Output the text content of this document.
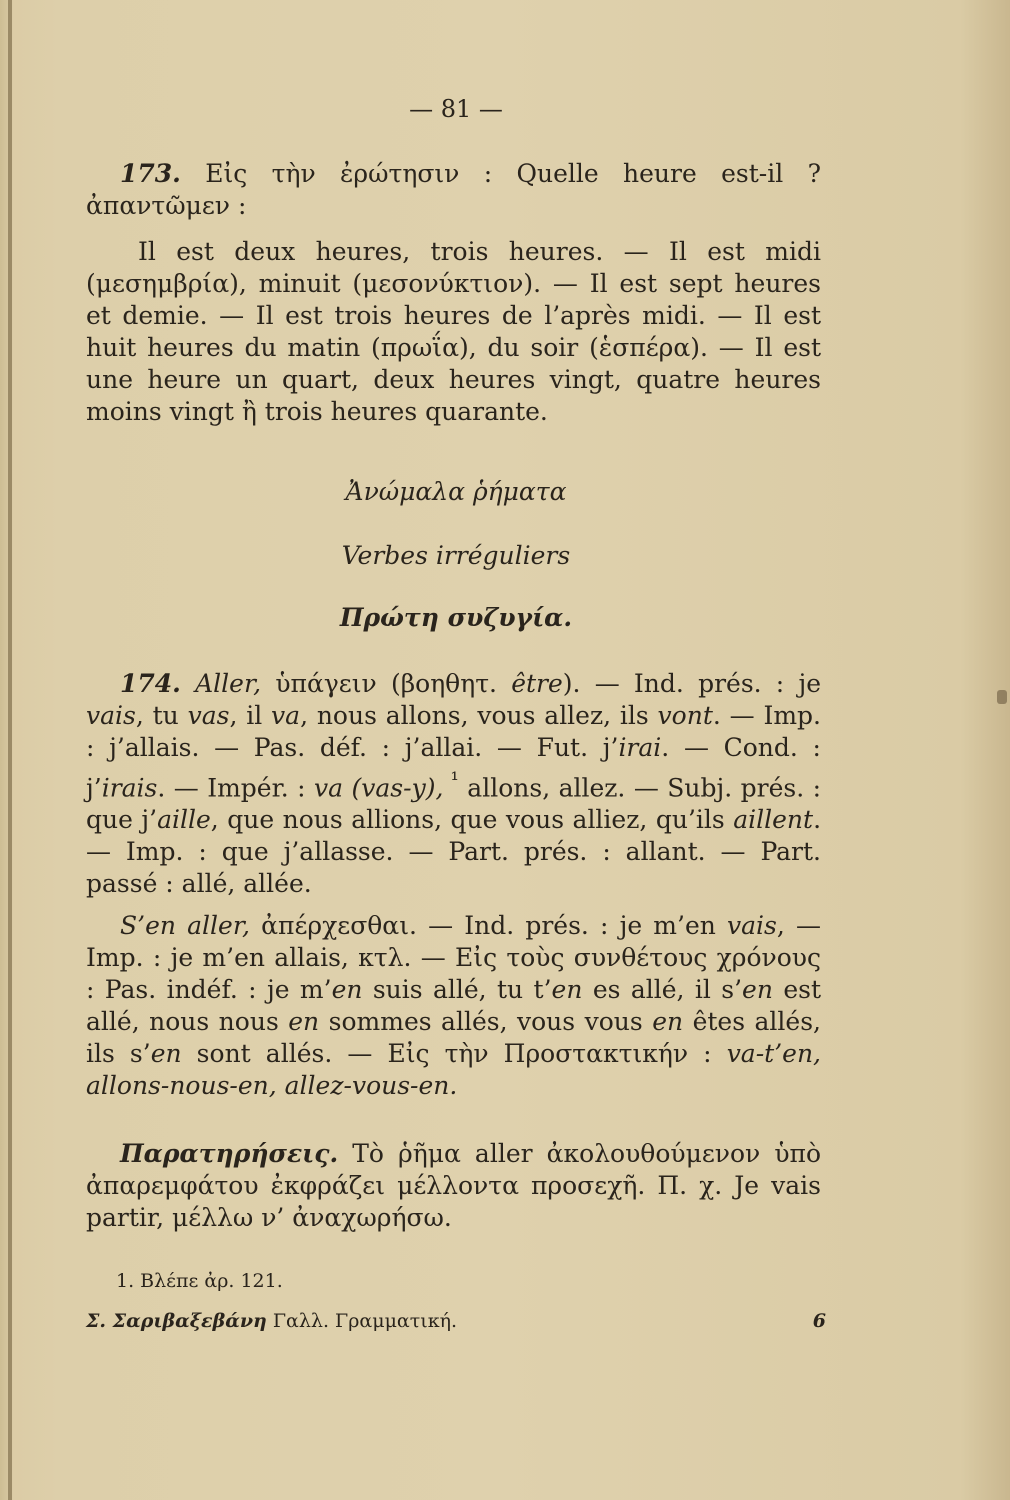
— 81 —
173. Εἰς τὴν ἐρώτησιν : Quelle heure est-il ? ἀπαντῶμεν :
Il est deux heures, trois heures. — Il est midi (μεσημβρία), minuit (μεσονύκτιον). — Il est sept heures et demie. — Il est trois heures de l’après midi. — Il est huit heures du matin (πρωΐα), du soir (ἑσπέρα). — Il est une heure un quart, deux heures vingt, quatre heures moins vingt ἢ trois heures quarante.
Ἀνώμαλα ῥήματα
Verbes irréguliers
Πρώτη συζυγία.
174. Aller, ὑπάγειν (βοηθητ. être). — Ind. prés. : je vais, tu vas, il va, nous allons, vous allez, ils vont. — Imp. : j’allais. — Pas. déf. : j’allai. — Fut. j’irai. — Cond. : j’irais. — Impér. : va (vas-y), $^{^1}$ allons, allez. — Subj. prés. : que j’aille, que nous allions, que vous alliez, qu’ils aillent. — Imp. : que j’allasse. — Part. prés. : allant. — Part. passé : allé, allée.
S’en aller, ἀπέρχεσθαι. — Ind. prés. : je m’en vais, — Imp. : je m’en allais, κτλ. — Εἰς τοὺς συνθέτους χρόνους : Pas. indéf. : je m’en suis allé, tu t’en es allé, il s’en est allé, nous nous en sommes allés, vous vous en êtes allés, ils s’en sont allés. — Εἰς τὴν Προστακτικήν : va-t’en, allons-nous-en, allez-vous-en.
Παρατηρήσεις. Τὸ ῥῆμα aller ἀκολουθούμενον ὑπὸ ἀπαρεμφάτου ἐκφράζει μέλλοντα προσεχῆ. Π. χ. Je vais partir, μέλλω ν’ ἀναχωρήσω.
1. Βλέπε ἀρ. 121.
Σ. Σαριβαξεβάνη Γαλλ. Γραμματική.	6
